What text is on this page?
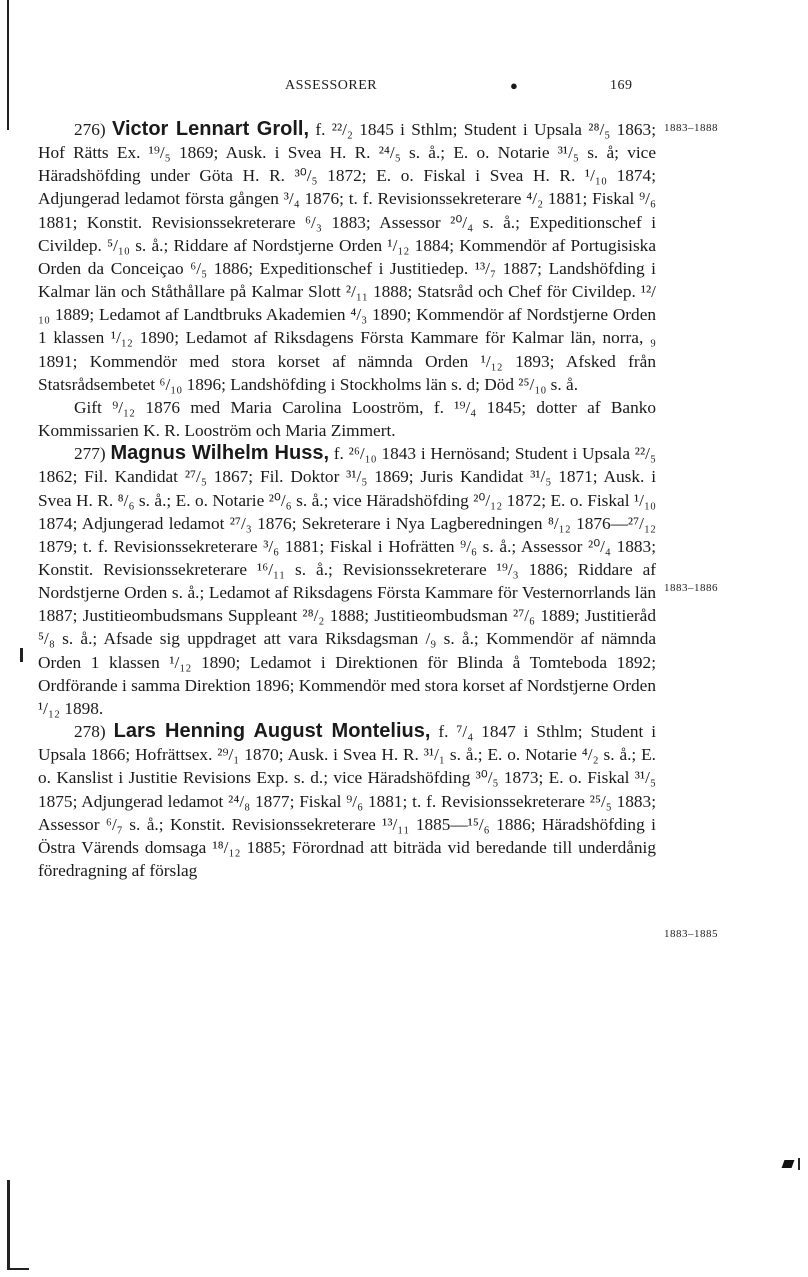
ASSESSORER	●	169
1883–1888
1883–1886
1883–1885

276) Victor Lennart Groll, f. ²²/₂ 1845 i Sthlm; Student i Upsala ²⁸/₅ 1863; Hof Rätts Ex. ¹⁹/₅ 1869; Ausk. i Svea H. R. ²⁴/₅ s. å.; E. o. Notarie ³¹/₅ s. å; vice Häradshöfding under Göta H. R. ³⁰/₅ 1872; E. o. Fiskal i Svea H. R. ¹/₁₀ 1874; Adjungerad ledamot första gången ³/₄ 1876; t. f. Revisionssekreterare ⁴/₂ 1881; Fiskal ⁹/₆ 1881; Konstit. Revisionssekreterare ⁶/₃ 1883; Assessor ²⁰/₄ s. å.; Expeditionschef i Civildep. ⁵/₁₀ s. å.; Riddare af Nordstjerne Orden ¹/₁₂ 1884; Kommendör af Portugisiska Orden da Conceiçao ⁶/₅ 1886; Expeditionschef i Justitiedep. ¹³/₇ 1887; Landshöfding i Kalmar län och Ståthållare på Kalmar Slott ²/₁₁ 1888; Statsråd och Chef för Civildep. ¹²/₁₀ 1889; Ledamot af Landtbruks Akademien ⁴/₃ 1890; Kommendör af Nordstjerne Orden 1 klassen ¹/₁₂ 1890; Ledamot af Riksdagens Första Kammare för Kalmar län, norra, ₉ 1891; Kommendör med stora korset af nämnda Orden ¹/₁₂ 1893; Afsked från Statsrådsembetet ⁶/₁₀ 1896; Landshöfding i Stockholms län s. d; Död ²⁵/₁₀ s. å.

Gift ⁹/₁₂ 1876 med Maria Carolina Looström, f. ¹⁹/₄ 1845; dotter af Banko Kommissarien K. R. Looström och Maria Zimmert.

277) Magnus Wilhelm Huss, f. ²⁶/₁₀ 1843 i Hernösand; Student i Upsala ²²/₅ 1862; Fil. Kandidat ²⁷/₅ 1867; Fil. Doktor ³¹/₅ 1869; Juris Kandidat ³¹/₅ 1871; Ausk. i Svea H. R. ⁸/₆ s. å.; E. o. Notarie ²⁰/₆ s. å.; vice Häradshöfding ²⁰/₁₂ 1872; E. o. Fiskal ¹/₁₀ 1874; Adjungerad ledamot ²⁷/₃ 1876; Sekreterare i Nya Lagberedningen ⁸/₁₂ 1876—²⁷/₁₂ 1879; t. f. Revisionssekreterare ³/₆ 1881; Fiskal i Hofrätten ⁹/₆ s. å.; Assessor ²⁰/₄ 1883; Konstit. Revisionssekreterare ¹⁶/₁₁ s. å.; Revisionssekreterare ¹⁹/₃ 1886; Riddare af Nordstjerne Orden s. å.; Ledamot af Riksdagens Första Kammare för Vesternorrlands län 1887; Justitieombudsmans Suppleant ²⁸/₂ 1888; Justitieombudsman ²⁷/₆ 1889; Justitieråd ⁵/₈ s. å.; Afsade sig uppdraget att vara Riksdagsman /₉ s. å.; Kommendör af nämnda Orden 1 klassen ¹/₁₂ 1890; Ledamot i Direktionen för Blinda å Tomteboda 1892; Ordförande i samma Direktion 1896; Kommendör med stora korset af Nordstjerne Orden ¹/₁₂ 1898.

278) Lars Henning August Montelius, f. ⁷/₄ 1847 i Sthlm; Student i Upsala 1866; Hofrättsex. ²⁹/₁ 1870; Ausk. i Svea H. R. ³¹/₁ s. å.; E. o. Notarie ⁴/₂ s. å.; E. o. Kanslist i Justitie Revisions Exp. s. d.; vice Häradshöfding ³⁰/₅ 1873; E. o. Fiskal ³¹/₅ 1875; Adjungerad ledamot ²⁴/₈ 1877; Fiskal ⁹/₆ 1881; t. f. Revisionssekreterare ²⁵/₅ 1883; Assessor ⁶/₇ s. å.; Konstit. Revisionssekreterare ¹³/₁₁ 1885—¹⁵/₆ 1886; Häradshöfding i Östra Värends domsaga ¹⁸/₁₂ 1885; Förordnad att biträda vid beredande till underdånig föredragning af förslag
